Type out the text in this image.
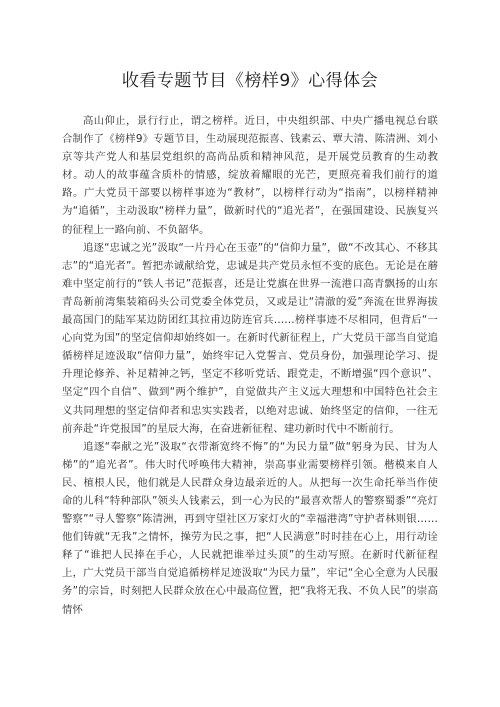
收看专题节目《榜样9》心得体会

高山仰止，景行行止，谓之榜样。近日，中央组织部、中央广播电视总台联合制作了《榜样9》专题节目，生动展现范振喜、钱素云、覃大清、陈清洲、刘小京等共产党人和基层党组织的高尚品质和精神风范，是开展党员教育的生动教材。动人的故事蕴含质朴的情感，绽放着耀眼的光芒，更照亮着我们前行的道路。广大党员干部要以榜样事迹为“教材”，以榜样行动为“指南”，以榜样精神为“追循”，主动汲取“榜样力量”，做新时代的“追光者”，在强国建设、民族复兴的征程上一路向前、不负韶华。

追逐“忠诚之光”汲取“一片丹心在玉壶”的“信仰力量”，做“不改其心、不移其志”的“追光者”。暂把赤诚献给党，忠诚是共产党员永恒不变的底色。无论是在蘑难中坚定前行的“铁人书记”范振喜，还是让党旗在世界一流港口高青飘扬的山东青岛新前湾集装箱码头公司党委全体党员，又或是让“清澈的爱”奔流在世界海拔最高国门的陆军某边防团红其拉甫边防连官兵……榜样事迹不尽相同，但背后“一心向党为国”的坚定信仰却始终如一。在新时代新征程上，广大党员干部当自觉追循榜样足迹汲取“信仰力量”，始终牢记入党誓言、党员身份，加强理论学习、提升理论修养、补足精神之钙，坚定不移听党话、跟党走，不断增强“四个意识”、坚定“四个自信”、做到“两个维护”，自觉做共产主义远大理想和中国特色社会主义共同理想的坚定信仰者和忠实实践者，以绝对忠诚、始终坚定的信仰，一往无前奔赴“许党报国”的星辰大海，在奋进新征程、建功新时代中不断前行。

追逐“奉献之光”汲取“衣带渐宽终不悔”的“为民力量”做“躬身为民、甘为人梯”的“追光者”。伟大时代呼唤伟大精神，崇高事业需要榜样引领。楷模来自人民、植根人民，他们就是人民群众身边最亲近的人。从把每一次生命托举当作使命的儿科“特种部队”领头人钱素云，到一心为民的“最喜欢帮人的警察蜀黍”“亮灯警察”“寻人警察”陈清洲，再到守望社区万家灯火的“幸福港湾”守护者林则银……他们铸就“无我”之情怀，操劳为民之事，把“人民满意”时时挂在心上，用行动诠释了“谁把人民捧在手心，人民就把谁举过头顶”的生动写照。在新时代新征程上，广大党员干部当自觉追循榜样足迹汲取“为民力量”，牢记“全心全意为人民服务”的宗旨，时刻把人民群众放在心中最高位置，把“我将无我、不负人民”的崇高情怀
